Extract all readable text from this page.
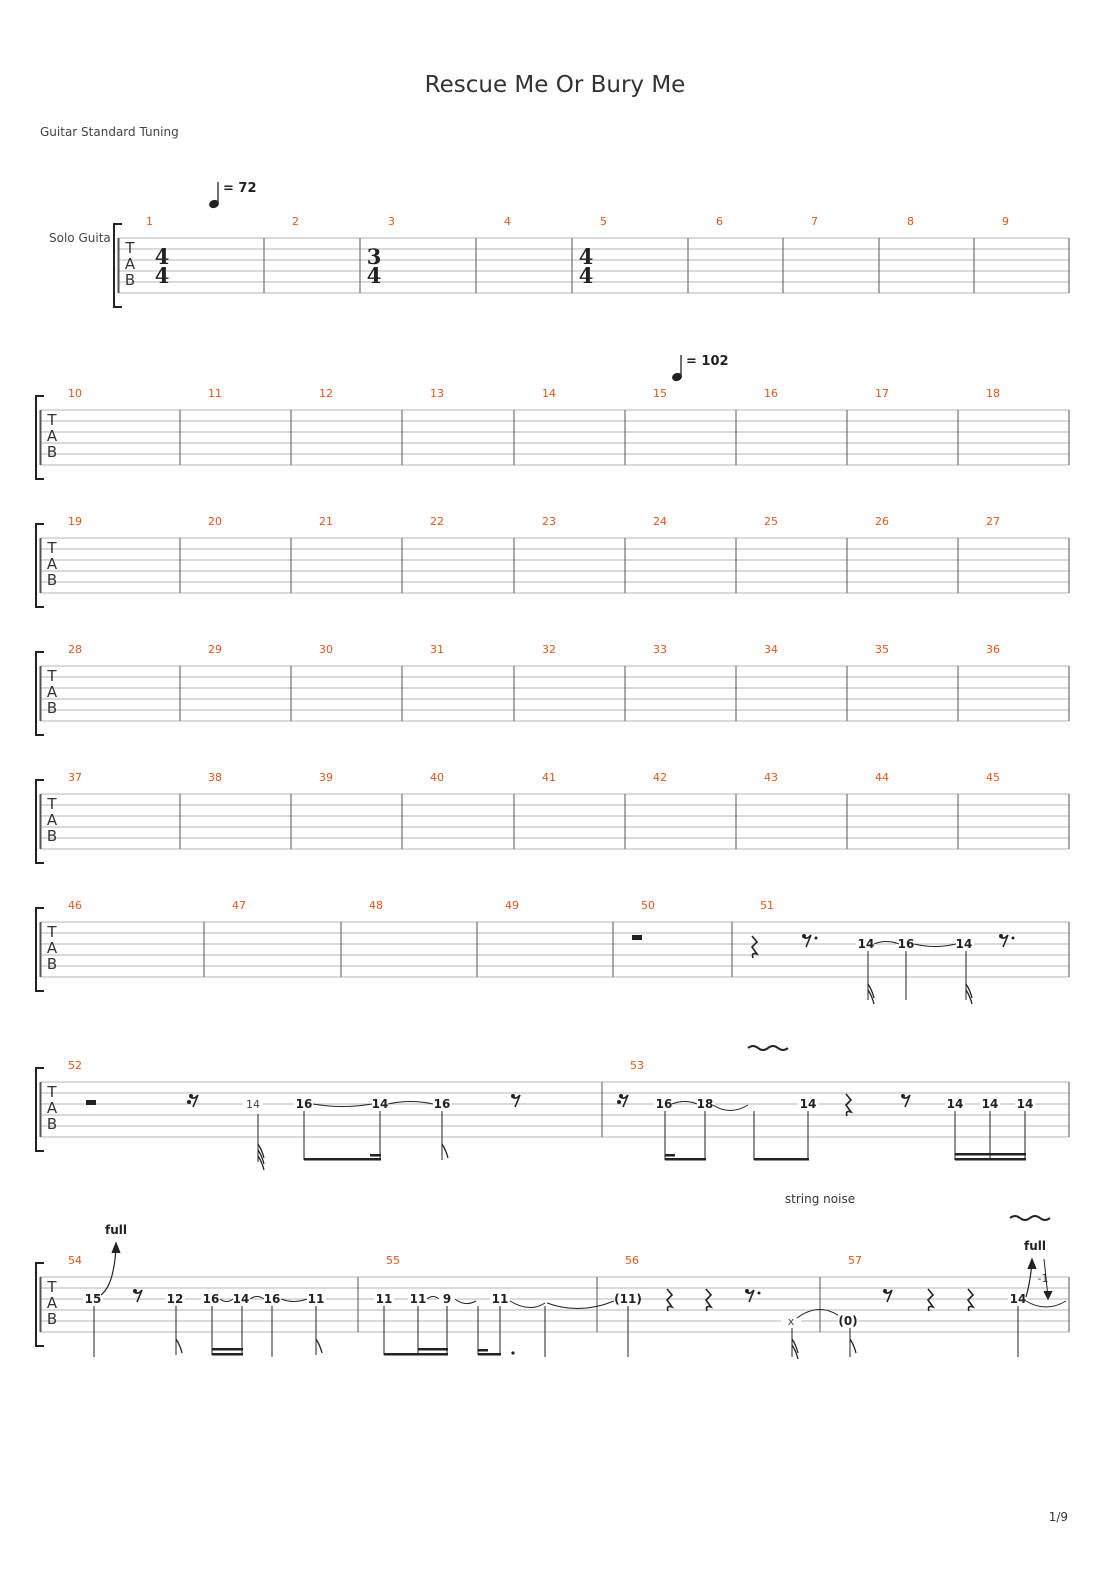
Rescue Me Or Bury Me
Guitar Standard Tuning
Solo Guita
1/9
T
A
B
1	2	3	4	5	6	7	8	9
T
A
B
10	11	12	13	14	15	16	17	18
T
A
B
19	20	21	22	23	24	25	26	27
T
A
B
28	29	30	31	32	33	34	35	36
T
A
B
37	38	39	40	41	42	43	44	45
T
A
B
46	47	48	49	50	51
T
A
B
52	53
T
A
B
54	55	56	57
4
4
3
4
4
4
= 72
= 102
14 16	14
14	16	14	16	16 18	14	14 14 14
15
full
12 16 14 16 11	11 11 9	11	(11)
string noise
x	(0)
14
-1
full
